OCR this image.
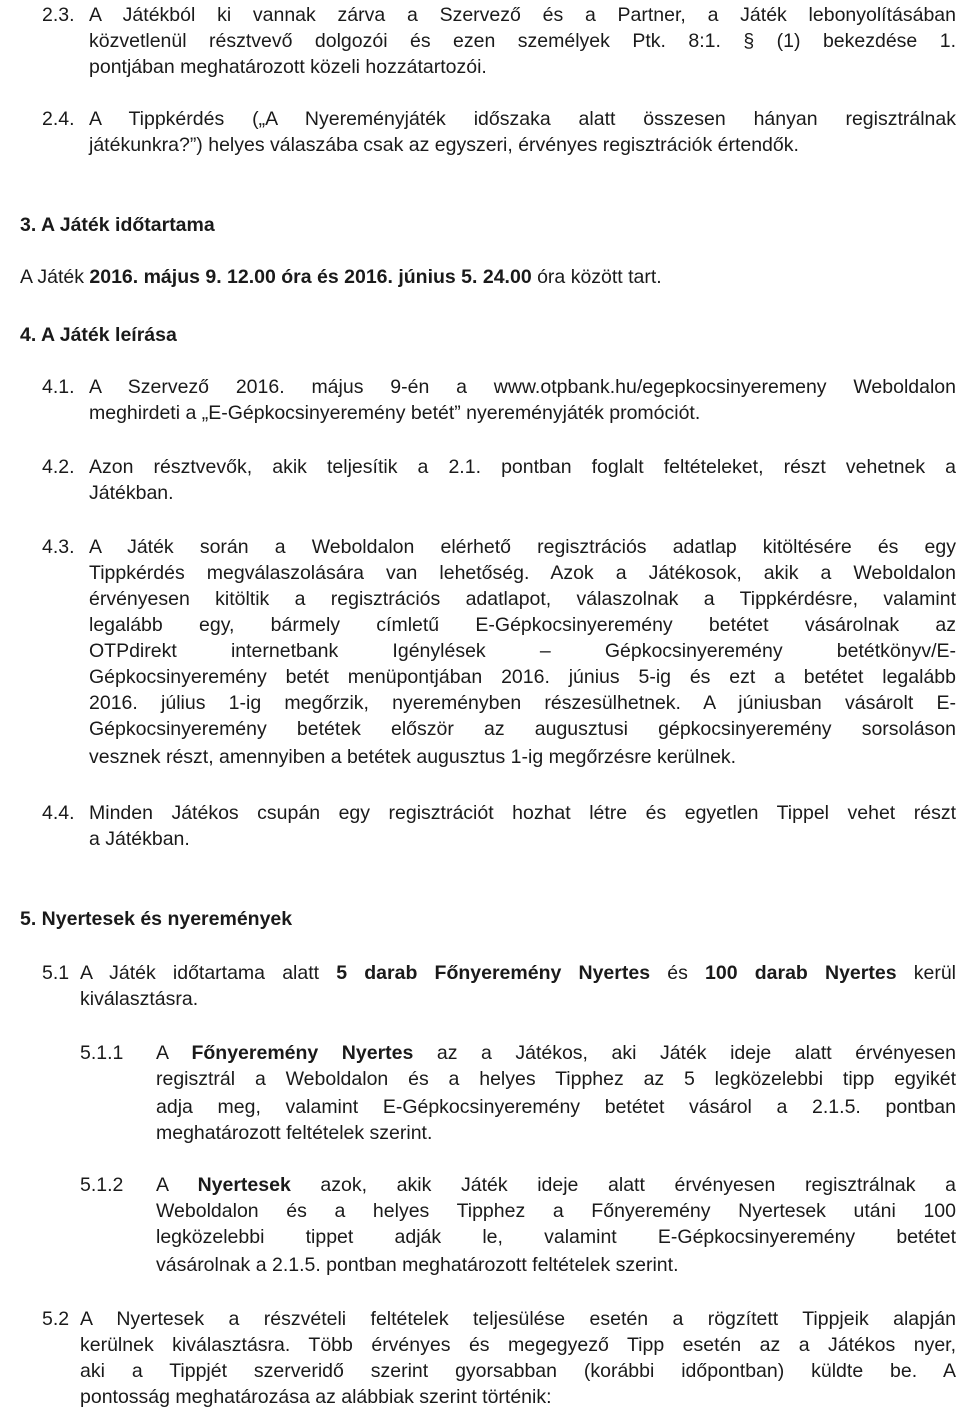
2.3. A Játékból ki vannak zárva a Szervező és a Partner, a Játék lebonyolításában
közvetlenül résztvevő dolgozói és ezen személyek Ptk. 8:1. § (1) bekezdése 1.
pontjában meghatározott közeli hozzátartozói.
2.4. A Tippkérdés („A Nyereményjáték időszaka alatt összesen hányan regisztrálnak
játékunkra?”) helyes válaszába csak az egyszeri, érvényes regisztrációk értendők.
3. A Játék időtartama
A Játék 2016. május 9. 12.00 óra és 2016. június 5. 24.00 óra között tart.
4. A Játék leírása
4.1. A Szervező 2016. május 9-én a www.otpbank.hu/egepkocsinyeremeny Weboldalon
meghirdeti a „E-Gépkocsinyeremény betét” nyereményjáték promóciót.
4.2. Azon résztvevők, akik teljesítik a 2.1. pontban foglalt feltételeket, részt vehetnek a
Játékban.
4.3. A Játék során a Weboldalon elérhető regisztrációs adatlap kitöltésére és egy
Tippkérdés megválaszolására van lehetőség. Azok a Játékosok, akik a Weboldalon
érvényesen kitöltik a regisztrációs adatlapot, válaszolnak a Tippkérdésre, valamint
legalább egy, bármely címletű E-Gépkocsinyeremény betétet vásárolnak az
OTPdirekt internetbank Igénylések – Gépkocsinyeremény betétkönyv/E-
Gépkocsinyeremény betét menüpontjában 2016. június 5-ig és ezt a betétet legalább
2016. július 1-ig megőrzik, nyereményben részesülhetnek. A júniusban vásárolt E-
Gépkocsinyeremény betétek először az augusztusi gépkocsinyeremény sorsoláson
vesznek részt, amennyiben a betétek augusztus 1-ig megőrzésre kerülnek.
4.4. Minden Játékos csupán egy regisztrációt hozhat létre és egyetlen Tippel vehet részt
a Játékban.
5. Nyertesek és nyeremények
5.1 A Játék időtartama alatt 5 darab Főnyeremény Nyertes és 100 darab Nyertes kerül
kiválasztásra.
5.1.1 A Főnyeremény Nyertes az a Játékos, aki Játék ideje alatt érvényesen
regisztrál a Weboldalon és a helyes Tipphez az 5 legközelebbi tipp egyikét
adja meg, valamint E-Gépkocsinyeremény betétet vásárol a 2.1.5. pontban
meghatározott feltételek szerint.
5.1.2 A Nyertesek azok, akik Játék ideje alatt érvényesen regisztrálnak a
Weboldalon és a helyes Tipphez a Főnyeremény Nyertesek utáni 100
legközelebbi tippet adják le, valamint E-Gépkocsinyeremény betétet
vásárolnak a 2.1.5. pontban meghatározott feltételek szerint.
5.2 A Nyertesek a részvételi feltételek teljesülése esetén a rögzített Tippjeik alapján
kerülnek kiválasztásra. Több érvényes és megegyező Tipp esetén az a Játékos nyer,
aki a Tippjét szerveridő szerint gyorsabban (korábbi időpontban) küldte be. A
pontosság meghatározása az alábbiak szerint történik:
